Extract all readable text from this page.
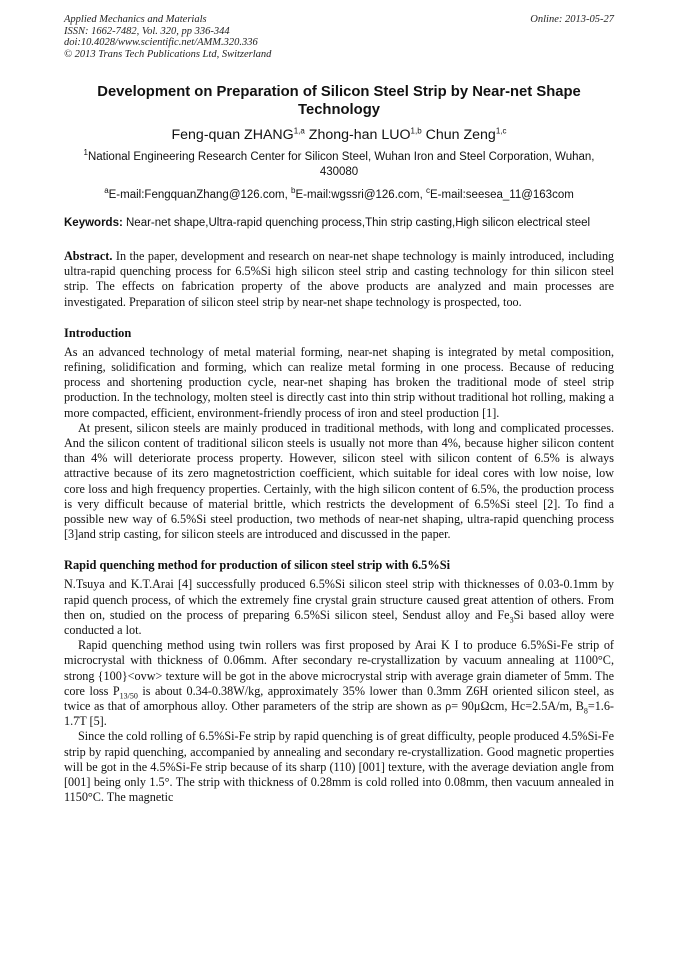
Applied Mechanics and Materials
ISSN: 1662-7482, Vol. 320, pp 336-344
doi:10.4028/www.scientific.net/AMM.320.336
© 2013 Trans Tech Publications Ltd, Switzerland
Online: 2013-05-27
Development on Preparation of Silicon Steel Strip by Near-net Shape Technology
Feng-quan ZHANG$^{1,a}$ Zhong-han LUO$^{1,b}$ Chun Zeng$^{1,c}$
$^1$National Engineering Research Center for Silicon Steel, Wuhan Iron and Steel Corporation, Wuhan, 430080
$^a$E-mail:FengquanZhang@126.com, $^b$E-mail:wgssri@126.com, $^c$E-mail:seesea_11@163com
Keywords: Near-net shape,Ultra-rapid quenching process,Thin strip casting,High silicon electrical steel
Abstract. In the paper, development and research on near-net shape technology is mainly introduced, including ultra-rapid quenching process for 6.5%Si high silicon steel strip and casting technology for thin silicon steel strip. The effects on fabrication property of the above products are analyzed and main processes are investigated. Preparation of silicon steel strip by near-net shape technology is prospected, too.
Introduction

As an advanced technology of metal material forming, near-net shaping is integrated by metal composition, refining, solidification and forming, which can realize metal forming in one process. Because of reducing process and shortening production cycle, near-net shaping has broken the traditional mode of steel strip production. In the technology, molten steel is directly cast into thin strip without traditional hot rolling, making a more compacted, efficient, environment-friendly process of iron and steel production [1].

At present, silicon steels are mainly produced in traditional methods, with long and complicated processes. And the silicon content of traditional silicon steels is usually not more than 4%, because higher silicon content than 4% will deteriorate process property. However, silicon steel with silicon content of 6.5% is always attractive because of its zero magnetostriction coefficient, which suitable for ideal cores with low noise, low core loss and high frequency properties. Certainly, with the high silicon content of 6.5%, the production process is very difficult because of material brittle, which restricts the development of 6.5%Si steel [2]. To find a possible new way of 6.5%Si steel production, two methods of near-net shaping, ultra-rapid quenching process [3]and strip casting, for silicon steels are introduced and discussed in the paper.

Rapid quenching method for production of silicon steel strip with 6.5%Si

N.Tsuya and K.T.Arai [4] successfully produced 6.5%Si silicon steel strip with thicknesses of 0.03-0.1mm by rapid quench process, of which the extremely fine crystal grain structure caused great attention of others. From then on, studied on the process of preparing 6.5%Si silicon steel, Sendust alloy and $Fe_3Si$ based alloy were conducted a lot.

Rapid quenching method using twin rollers was first proposed by Arai K I to produce 6.5%Si-Fe strip of microcrystal with thickness of 0.06mm. After secondary re-crystallization by vacuum annealing at 1100°C, strong {100}<ovw> texture will be got in the above microcrystal strip with average grain diameter of 5mm. The core loss $P_{13/50}$ is about 0.34-0.38W/kg, approximately 35% lower than 0.3mm Z6H oriented silicon steel, as twice as that of amorphous alloy. Other parameters of the strip are shown as ρ= 90μΩcm, Hc=2.5A/m, $B_8=1.6-1.7T$ [5].

Since the cold rolling of 6.5%Si-Fe strip by rapid quenching is of great difficulty, people produced 4.5%Si-Fe strip by rapid quenching, accompanied by annealing and secondary re-crystallization. Good magnetic properties will be got in the 4.5%Si-Fe strip because of its sharp (110) [001] texture, with the average deviation angle from [001] being only 1.5°. The strip with thickness of 0.28mm is cold rolled into 0.08mm, then vacuum annealed in 1150°C. The magnetic
